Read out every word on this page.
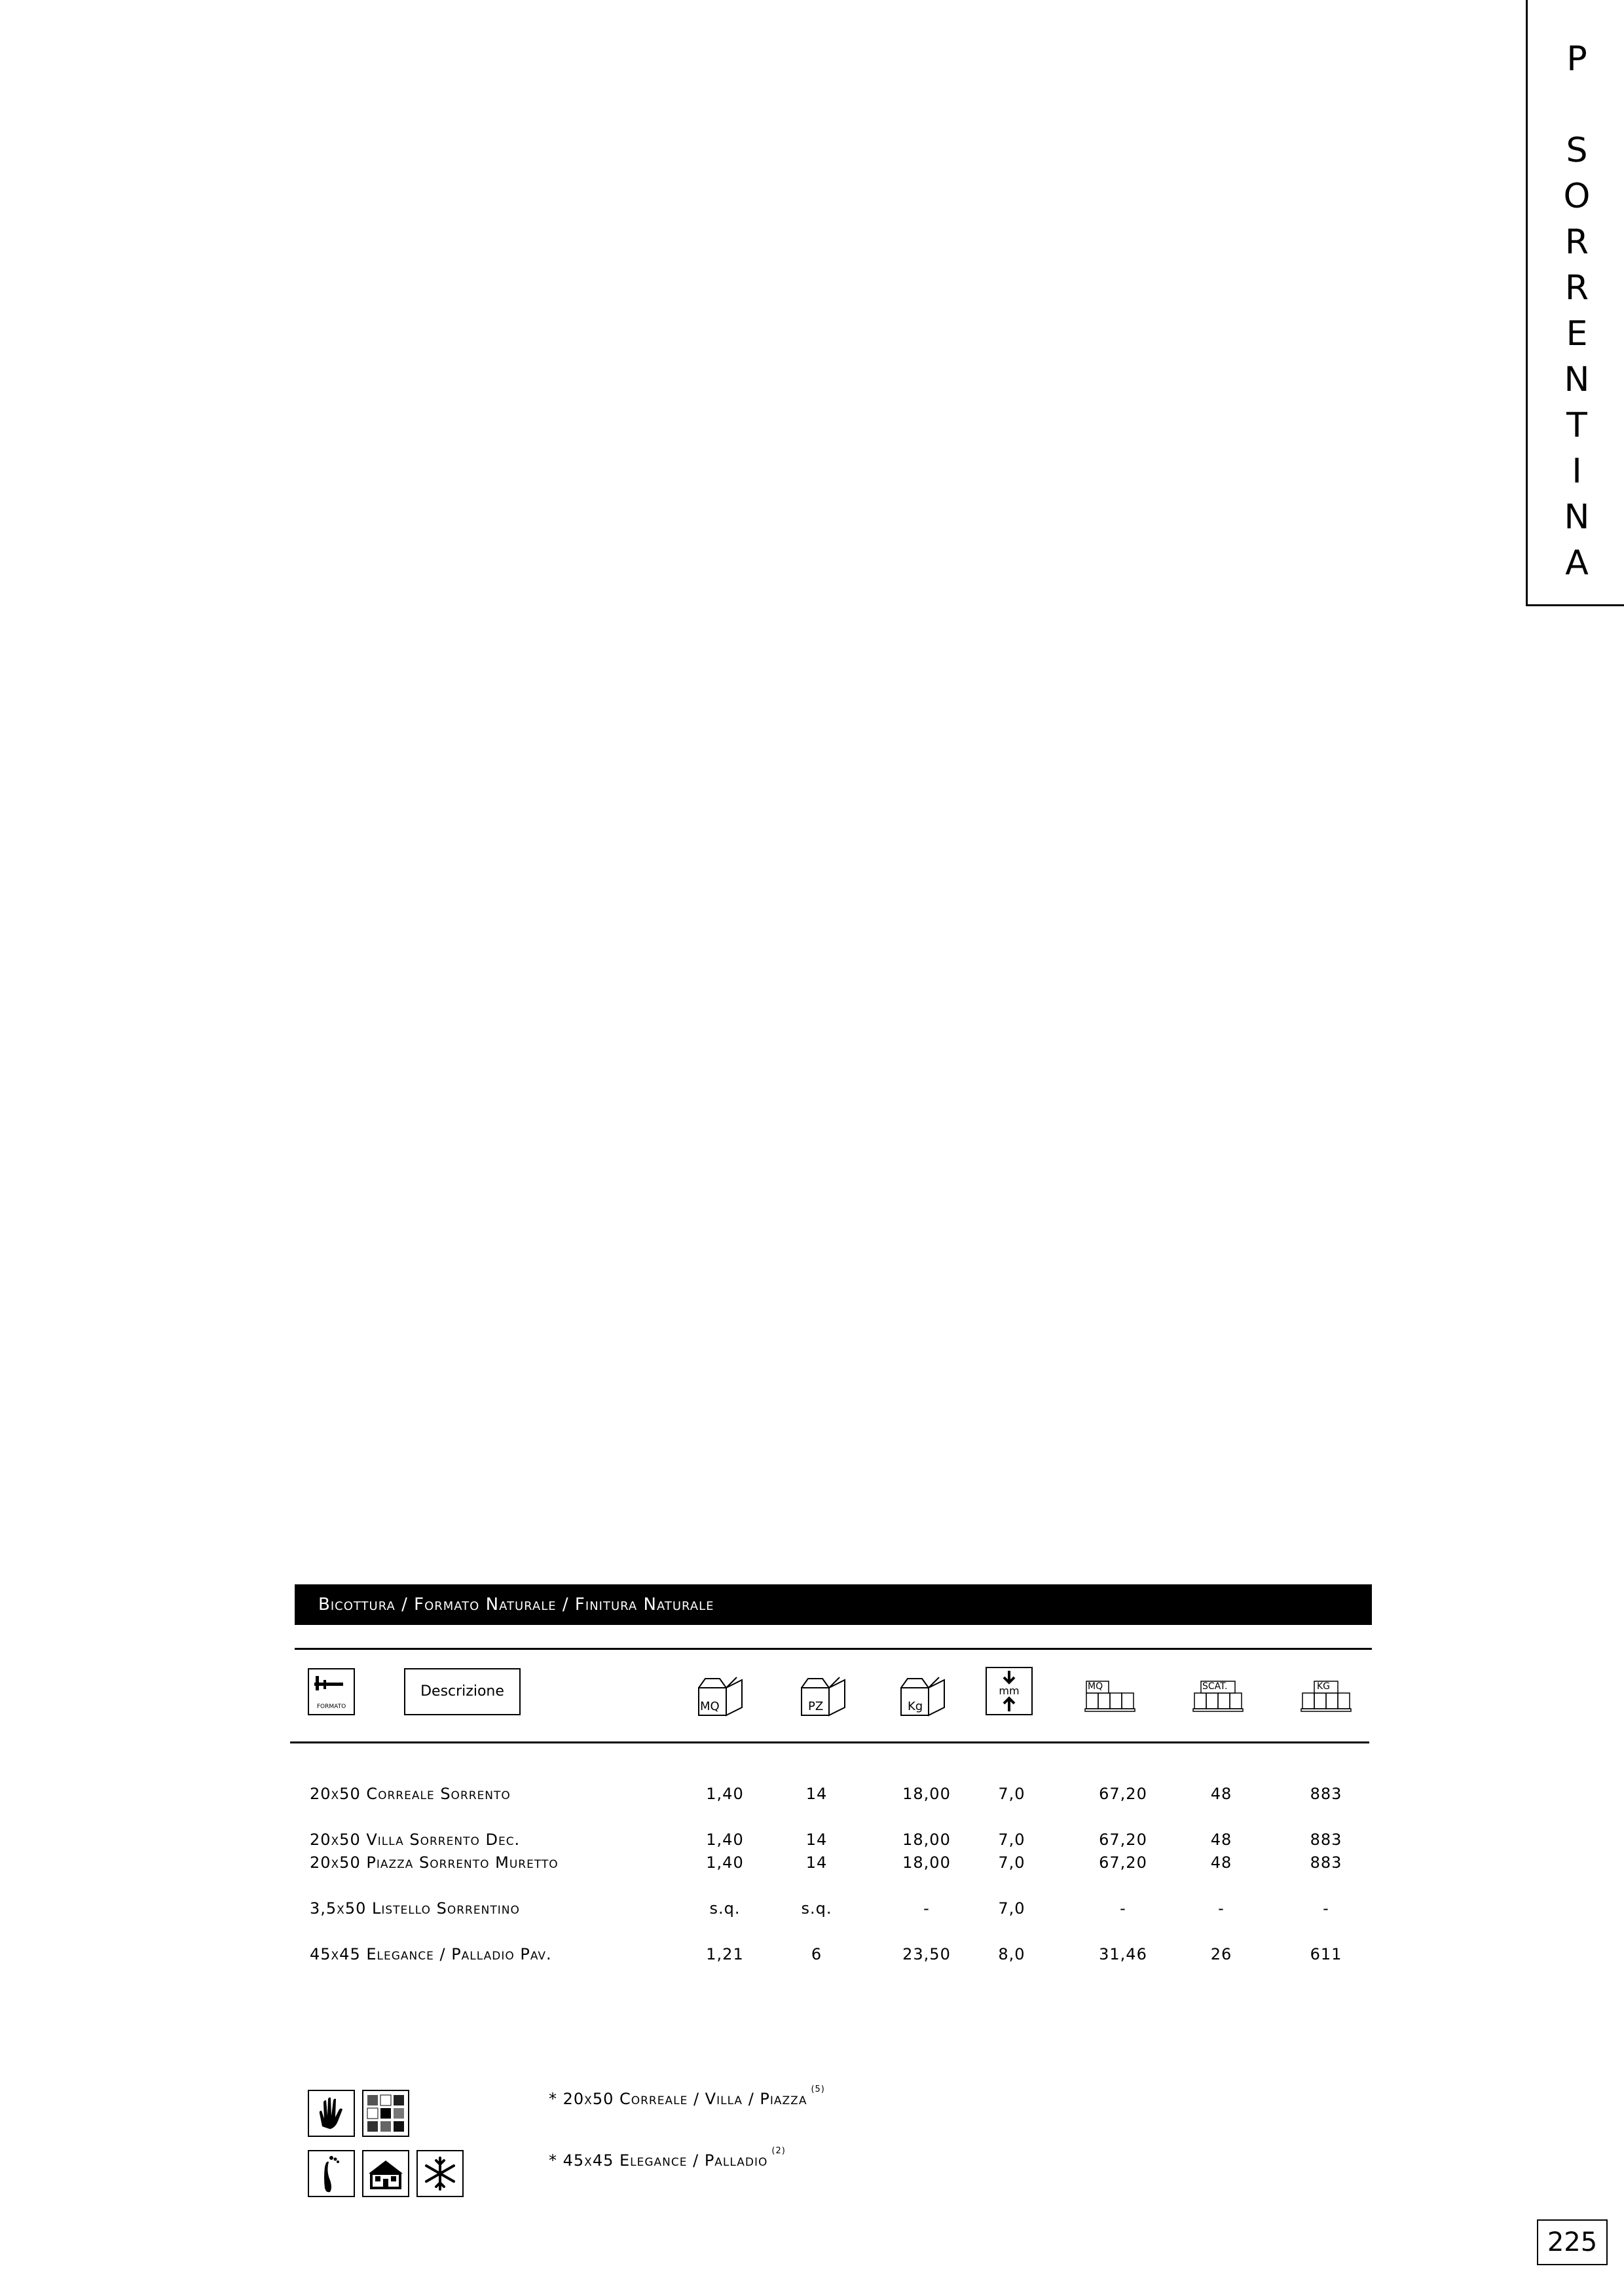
P
S
O
R
R
E
N
T
I
N
A
Bicottura / Formato Naturale / Finitura Naturale
FORMATO
Descrizione
MQ	PZ	Kg
mm	MQ	SCAT.	KG
20x50 Correale Sorrento	1,40	14	18,00	7,0	67,20	48	883
20x50 Villa Sorrento Dec.	1,40	14	18,00	7,0	67,20	48	883
20x50 Piazza Sorrento Muretto	1,40	14	18,00	7,0	67,20	48	883
3,5x50 Listello Sorrentino	s.q.	s.q.	-	7,0	-	-	-
45x45 Elegance / Palladio Pav.	1,21	6	23,50	8,0	31,46	26	611
* 20x50 Correale / Villa / Piazza$^{(5)}$
* 45x45 Elegance / Palladio$^{(2)}$
225
